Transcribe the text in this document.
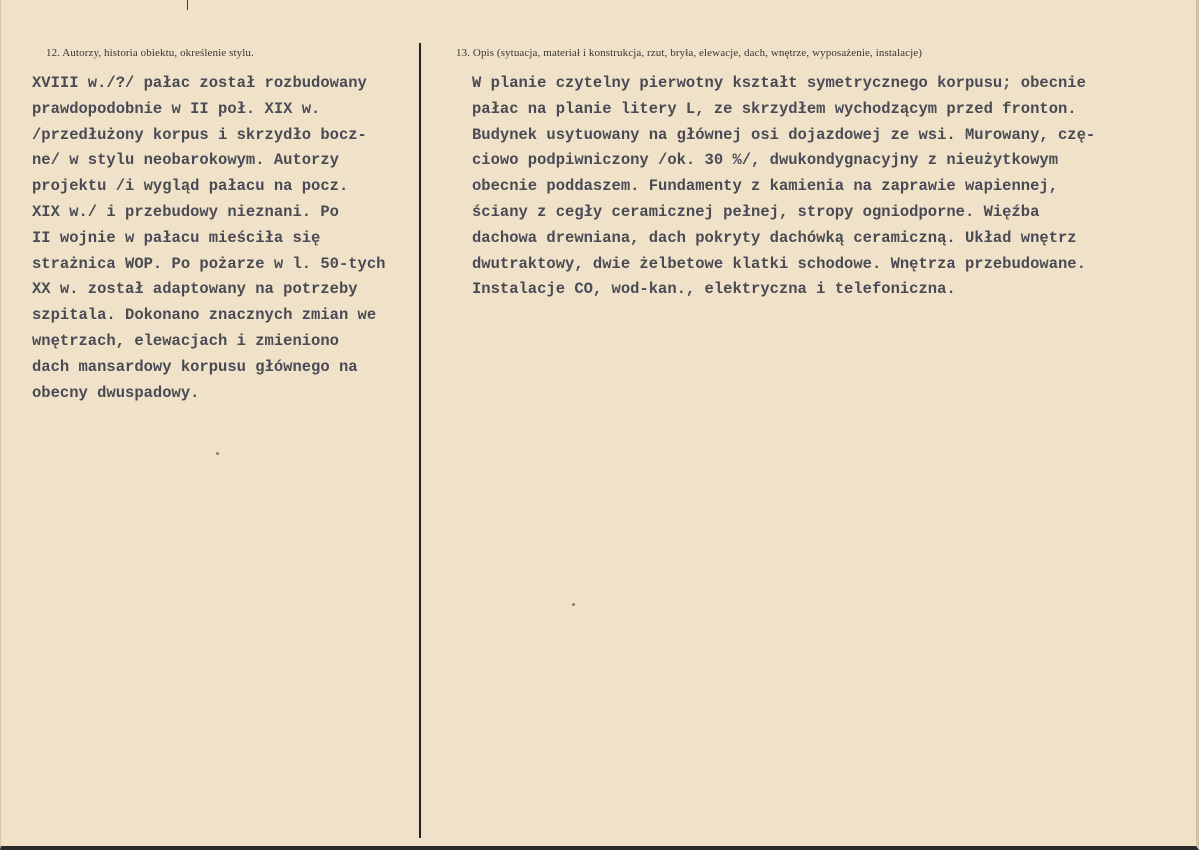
12. Autorzy, historia obiektu, określenie stylu.	13. Opis (sytuacja, materiał i konstrukcja, rzut, bryła, elewacje, dach, wnętrze, wyposażenie, instalacje)
XVIII w./?/ pałac został rozbudowany
prawdopodobnie w II poł. XIX w.
/przedłużony korpus i skrzydło bocz-
ne/ w stylu neobarokowym. Autorzy
projektu /i wygląd pałacu na pocz.
XIX w./ i przebudowy nieznani. Po
II wojnie w pałacu mieściła się
strażnica WOP. Po pożarze w l. 50-tych
XX w. został adaptowany na potrzeby
szpitala. Dokonano znacznych zmian we
wnętrzach, elewacjach i zmieniono
dach mansardowy korpusu głównego na
obecny dwuspadowy.
W planie czytelny pierwotny kształt symetrycznego korpusu; obecnie
pałac na planie litery L, ze skrzydłem wychodzącym przed fronton.
Budynek usytuowany na głównej osi dojazdowej ze wsi. Murowany, czę-
ciowo podpiwniczony /ok. 30 %/, dwukondygnacyjny z nieużytkowym
obecnie poddaszem. Fundamenty z kamienia na zaprawie wapiennej,
ściany z cegły ceramicznej pełnej, stropy ogniodporne. Więźba
dachowa drewniana, dach pokryty dachówką ceramiczną. Układ wnętrz
dwutraktowy, dwie żelbetowe klatki schodowe. Wnętrza przebudowane.
Instalacje CO, wod-kan., elektryczna i telefoniczna.
